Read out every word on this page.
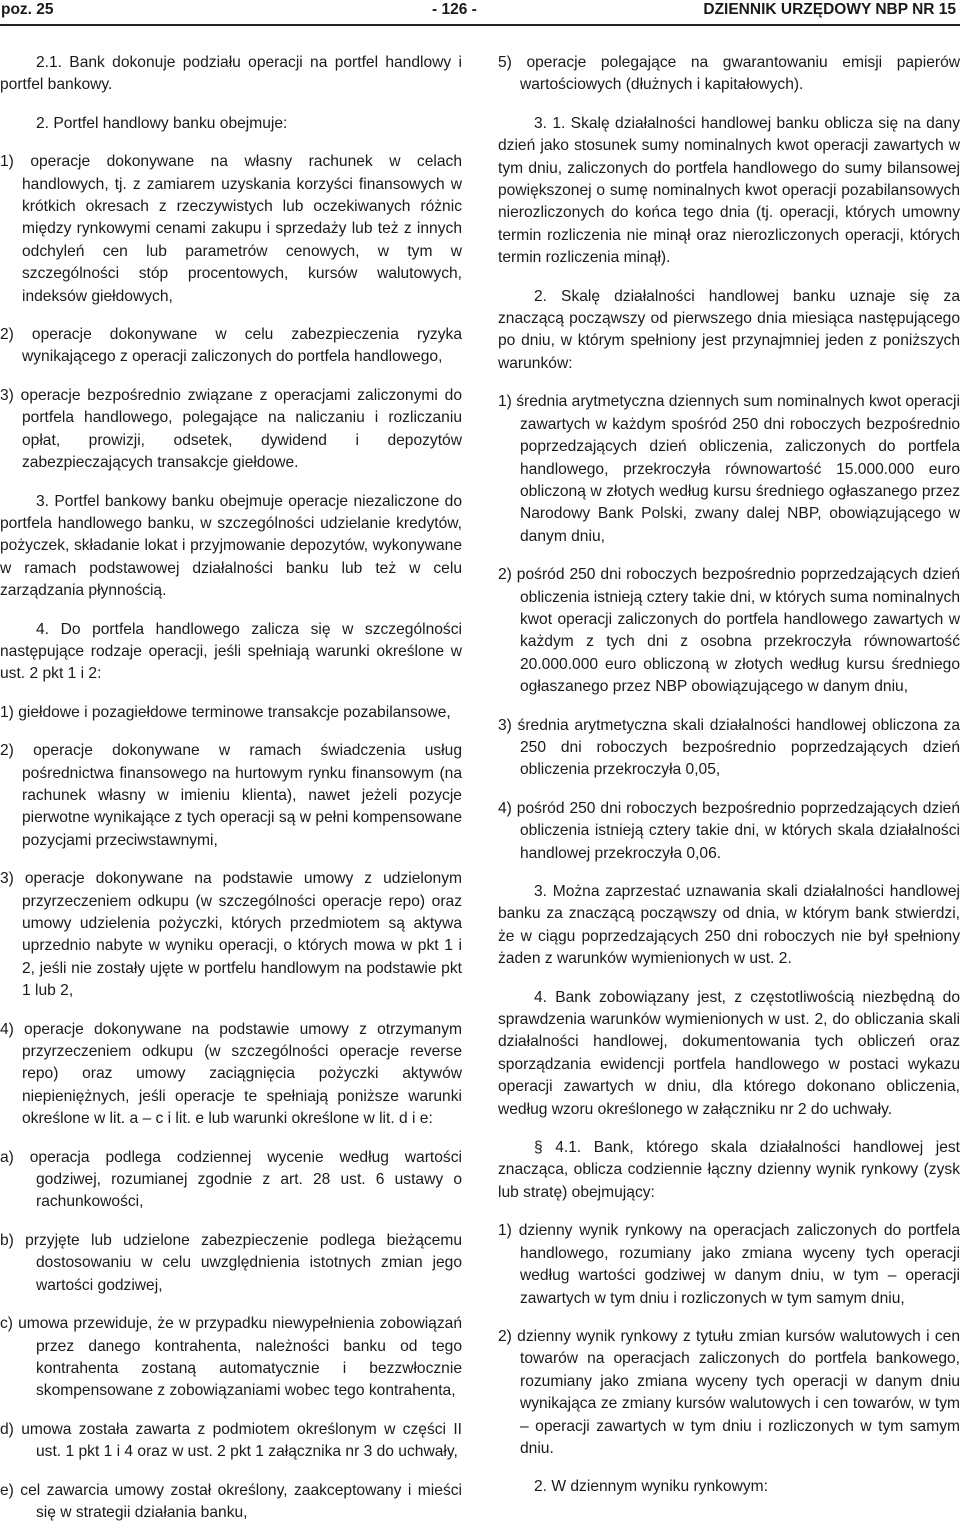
poz. 25	- 126 -	DZIENNIK URZĘDOWY NBP NR 15

2.1. Bank dokonuje podziału operacji na portfel handlowy i portfel bankowy.

2. Portfel handlowy banku obejmuje:

1) operacje dokonywane na własny rachunek w celach handlowych, tj. z zamiarem uzyskania korzyści finansowych w krótkich okresach z rzeczywistych lub oczekiwanych różnic między rynkowymi cenami zakupu i sprzedaży lub też z innych odchyleń cen lub parametrów cenowych, w tym w szczególności stóp procentowych, kursów walutowych, indeksów giełdowych,

2) operacje dokonywane w celu zabezpieczenia ryzyka wynikającego z operacji zaliczonych do portfela handlowego,

3) operacje bezpośrednio związane z operacjami zaliczonymi do portfela handlowego, polegające na naliczaniu i rozliczaniu opłat, prowizji, odsetek, dywidend i depozytów zabezpieczających transakcje giełdowe.

3. Portfel bankowy banku obejmuje operacje niezaliczone do portfela handlowego banku, w szczególności udzielanie kredytów, pożyczek, składanie lokat i przyjmowanie depozytów, wykonywane w ramach podstawowej działalności banku lub też w celu zarządzania płynnością.

4. Do portfela handlowego zalicza się w szczególności następujące rodzaje operacji, jeśli spełniają warunki określone w ust. 2 pkt 1 i 2:

1) giełdowe i pozagiełdowe terminowe transakcje pozabilansowe,

2) operacje dokonywane w ramach świadczenia usług pośrednictwa finansowego na hurtowym rynku finansowym (na rachunek własny w imieniu klienta), nawet jeżeli pozycje pierwotne wynikające z tych operacji są w pełni kompensowane pozycjami przeciwstawnymi,

3) operacje dokonywane na podstawie umowy z udzielonym przyrzeczeniem odkupu (w szczególności operacje repo) oraz umowy udzielenia pożyczki, których przedmiotem są aktywa uprzednio nabyte w wyniku operacji, o których mowa w pkt 1 i 2, jeśli nie zostały ujęte w portfelu handlowym na podstawie pkt 1 lub 2,

4) operacje dokonywane na podstawie umowy z otrzymanym przyrzeczeniem odkupu (w szczególności operacje reverse repo) oraz umowy zaciągnięcia pożyczki aktywów niepieniężnych, jeśli operacje te spełniają poniższe warunki określone w lit. a – c i lit. e lub warunki określone w lit. d i e:

a) operacja podlega codziennej wycenie według wartości godziwej, rozumianej zgodnie z art. 28 ust. 6 ustawy o rachunkowości,

b) przyjęte lub udzielone zabezpieczenie podlega bieżącemu dostosowaniu w celu uwzględnienia istotnych zmian jego wartości godziwej,

c) umowa przewiduje, że w przypadku niewypełnienia zobowiązań przez danego kontrahenta, należności banku od tego kontrahenta zostaną automatycznie i bezzwłocznie skompensowane z zobowiązaniami wobec tego kontrahenta,

d) umowa została zawarta z podmiotem określonym w części II ust. 1 pkt 1 i 4 oraz w ust. 2 pkt 1 załącznika nr 3 do uchwały,

e) cel zawarcia umowy został określony, zaakceptowany i mieści się w strategii działania banku,

5) operacje polegające na gwarantowaniu emisji papierów wartościowych (dłużnych i kapitałowych).

3. 1. Skalę działalności handlowej banku oblicza się na dany dzień jako stosunek sumy nominalnych kwot operacji zawartych w tym dniu, zaliczonych do portfela handlowego do sumy bilansowej powiększonej o sumę nominalnych kwot operacji pozabilansowych nierozliczonych do końca tego dnia (tj. operacji, których umowny termin rozliczenia nie minął oraz nierozliczonych operacji, których termin rozliczenia minął).

2. Skalę działalności handlowej banku uznaje się za znaczącą począwszy od pierwszego dnia miesiąca następującego po dniu, w którym spełniony jest przynajmniej jeden z poniższych warunków:

1) średnia arytmetyczna dziennych sum nominalnych kwot operacji zawartych w każdym spośród 250 dni roboczych bezpośrednio poprzedzających dzień obliczenia, zaliczonych do portfela handlowego, przekroczyła równowartość 15.000.000 euro obliczoną w złotych według kursu średniego ogłaszanego przez Narodowy Bank Polski, zwany dalej NBP, obowiązującego w danym dniu,

2) pośród 250 dni roboczych bezpośrednio poprzedzających dzień obliczenia istnieją cztery takie dni, w których suma nominalnych kwot operacji zaliczonych do portfela handlowego zawartych w każdym z tych dni z osobna przekroczyła równowartość 20.000.000 euro obliczoną w złotych według kursu średniego ogłaszanego przez NBP obowiązującego w danym dniu,

3) średnia arytmetyczna skali działalności handlowej obliczona za 250 dni roboczych bezpośrednio poprzedzających dzień obliczenia przekroczyła 0,05,

4) pośród 250 dni roboczych bezpośrednio poprzedzających dzień obliczenia istnieją cztery takie dni, w których skala działalności handlowej przekroczyła 0,06.

3. Można zaprzestać uznawania skali działalności handlowej banku za znaczącą począwszy od dnia, w którym bank stwierdzi, że w ciągu poprzedzających 250 dni roboczych nie był spełniony żaden z warunków wymienionych w ust. 2.

4. Bank zobowiązany jest, z częstotliwością niezbędną do sprawdzenia warunków wymienionych w ust. 2, do obliczania skali działalności handlowej, dokumentowania tych obliczeń oraz sporządzania ewidencji portfela handlowego w postaci wykazu operacji zawartych w dniu, dla którego dokonano obliczenia, według wzoru określonego w załączniku nr 2 do uchwały.

§ 4.1. Bank, którego skala działalności handlowej jest znacząca, oblicza codziennie łączny dzienny wynik rynkowy (zysk lub stratę) obejmujący:

1) dzienny wynik rynkowy na operacjach zaliczonych do portfela handlowego, rozumiany jako zmiana wyceny tych operacji według wartości godziwej w danym dniu, w tym – operacji zawartych w tym dniu i rozliczonych w tym samym dniu,

2) dzienny wynik rynkowy z tytułu zmian kursów walutowych i cen towarów na operacjach zaliczonych do portfela bankowego, rozumiany jako zmiana wyceny tych operacji w danym dniu wynikająca ze zmiany kursów walutowych i cen towarów, w tym – operacji zawartych w tym dniu i rozliczonych w tym samym dniu.

2. W dziennym wyniku rynkowym:
